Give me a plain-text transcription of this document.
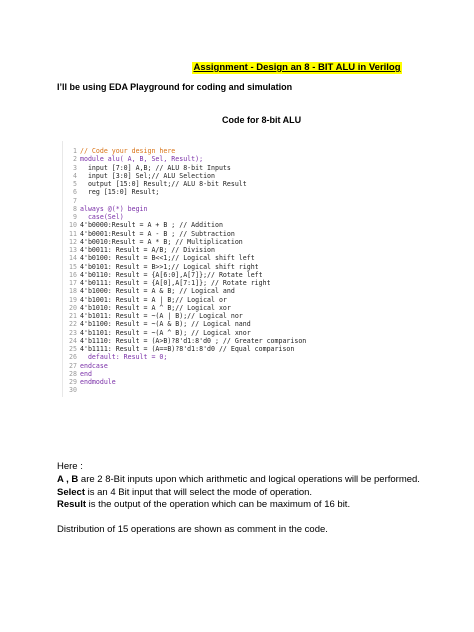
Assignment - Design an 8 - BIT ALU in Verilog
I’ll be using EDA Playground for coding and simulation
Code for 8-bit ALU
1 // Code your design here
2 module alu( A, B, Sel, Result);
3  input [7:0] A,B; // ALU 8-bit Inputs
4  input [3:0] Sel;// ALU Selection
5  output [15:0] Result;// ALU 8-bit Result
6  reg [15:0] Result;
7
8 always @(*) begin
9  case(Sel)
10 4'b0000:Result = A + B ; // Addition
11 4'b0001:Result = A - B ; // Subtraction
12 4'b0010:Result = A * B; // Multiplication
13 4'b0011: Result = A/B; // Division
14 4'b0100: Result = B<<1;// Logical shift left
15 4'b0101: Result = B>>1;// Logical shift right
16 4'b0110: Result = {A[6:0],A[7]};// Rotate left
17 4'b0111: Result = {A[0],A[7:1]}; // Rotate right
18 4'b1000: Result = A & B; // Logical and
19 4'b1001: Result = A | B;// Logical or
20 4'b1010: Result = A ^ B;// Logical xor
21 4'b1011: Result = ~(A | B);// Logical nor
22 4'b1100: Result = ~(A & B); // Logical nand
23 4'b1101: Result = ~(A ^ B); // Logical xnor
24 4'b1110: Result = (A>B)?8'd1:8'd0 ; // Greater comparison
25 4'b1111: Result = (A==B)?8'd1:8'd0 // Equal comparison
26  default: Result = 0;
27 endcase
28 end
29 endmodule
30
Here :
A , B are 2 8-Bit inputs upon which arithmetic and logical operations will be performed.
Select is an 4 Bit input that will select the mode of operation.
Result is the output of the operation which can be maximum of 16 bit.
Distribution of 15 operations are shown as comment in the code.
